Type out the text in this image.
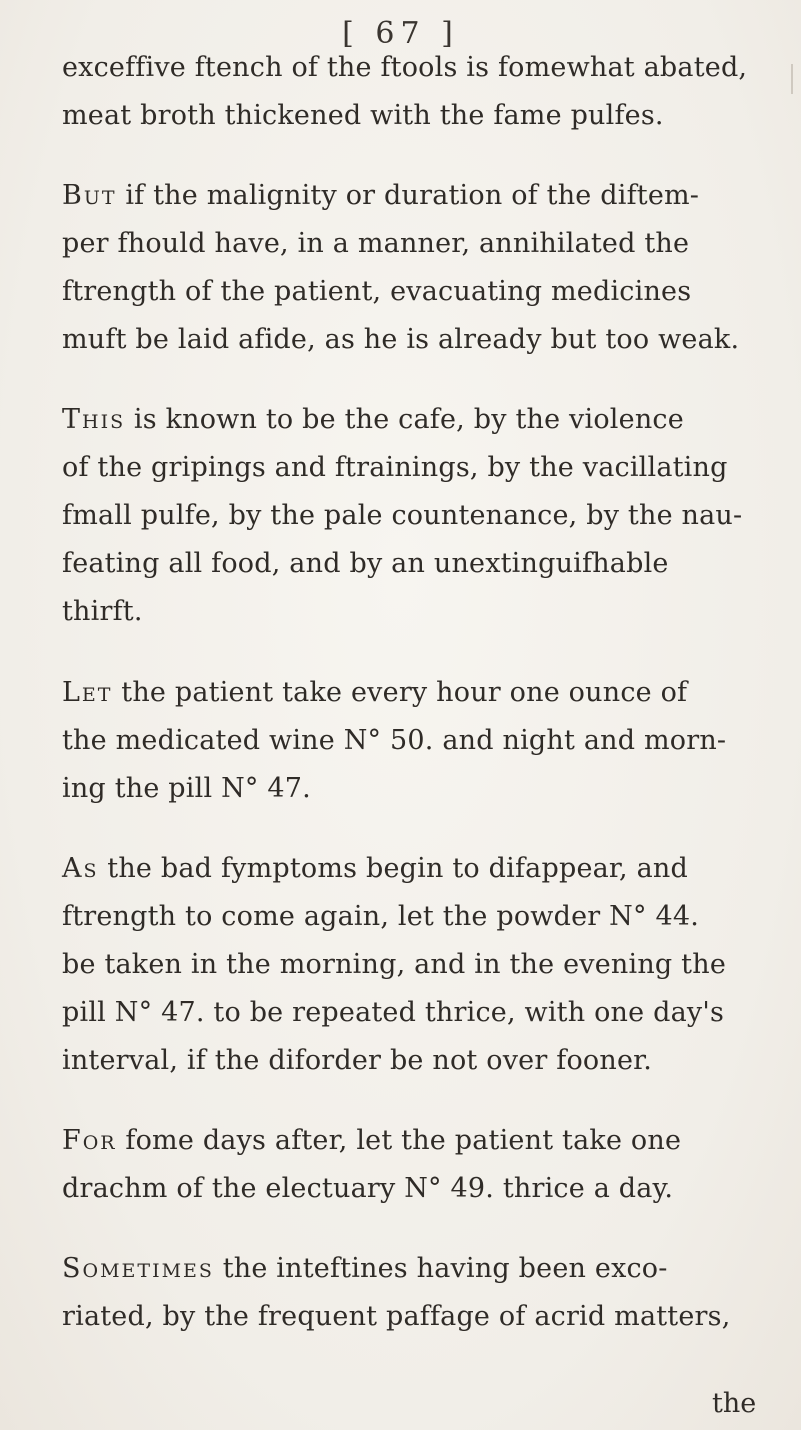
[ 67 ]
exceffive ftench of the ftools is fomewhat abated,
meat broth thickened with the fame pulfes.
But if the malignity or duration of the diftem-
per fhould have, in a manner, annihilated the
ftrength of the patient, evacuating medicines
muft be laid afide, as he is already but too weak.
This is known to be the cafe, by the violence
of the gripings and ftrainings, by the vacillating
fmall pulfe, by the pale countenance, by the nau-
feating all food, and by an unextinguifhable
thirft.
Let the patient take every hour one ounce of
the medicated wine N° 50. and night and morn-
ing the pill N° 47.
As the bad fymptoms begin to difappear, and
ftrength to come again, let the powder N° 44.
be taken in the morning, and in the evening the
pill N° 47. to be repeated thrice, with one day's
interval, if the diforder be not over fooner.
For fome days after, let the patient take one
drachm of the electuary N° 49. thrice a day.
Sometimes the inteftines having been exco-
riated, by the frequent paffage of acrid matters,
the
